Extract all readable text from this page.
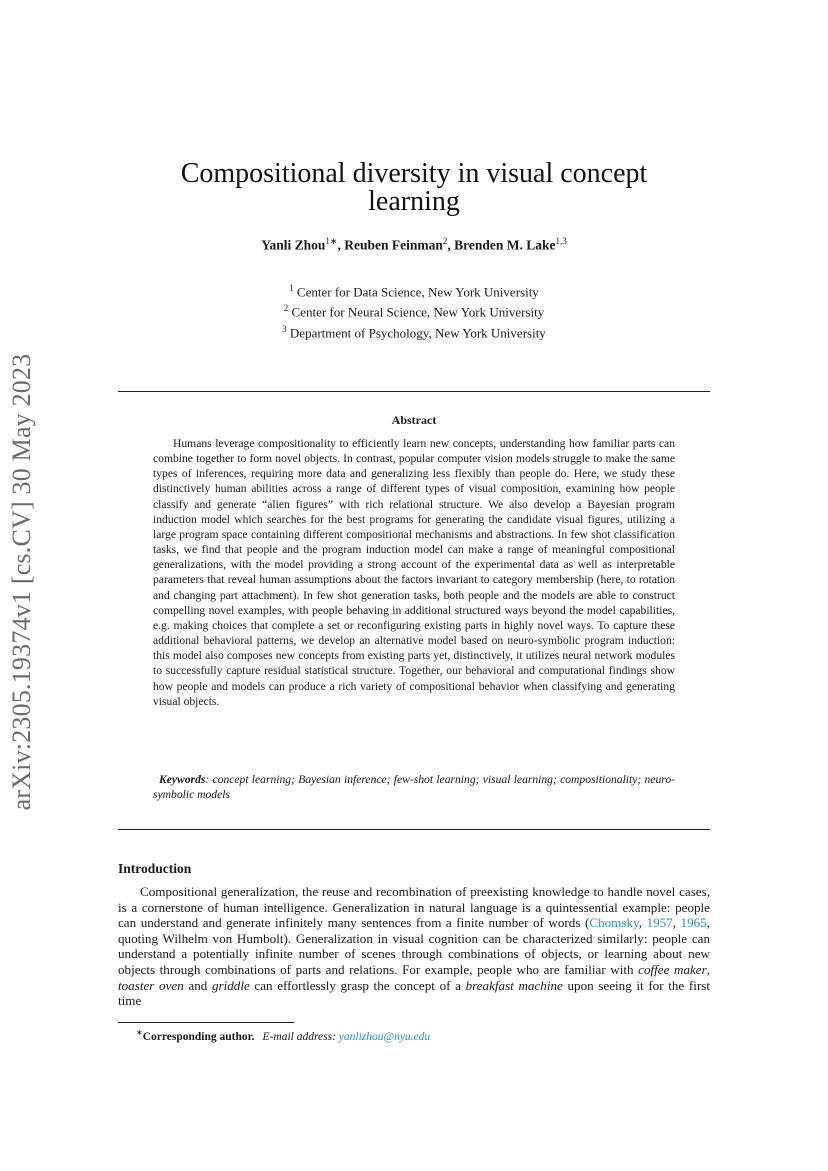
arXiv:2305.19374v1 [cs.CV] 30 May 2023
Compositional diversity in visual concept
learning

Yanli Zhou$^{1∗}$, Reuben Feinman$^2$, Brenden M. Lake$^{1,3}$

$^1$ Center for Data Science, New York University
$^2$ Center for Neural Science, New York University
$^3$ Department of Psychology, New York University

Abstract

Humans leverage compositionality to efficiently learn new concepts, understanding how familiar parts can combine together to form novel objects. In contrast, popular computer vision models struggle to make the same types of inferences, requiring more data and generalizing less flexibly than people do. Here, we study these distinctively human abilities across a range of different types of visual composition, examining how people classify and generate “alien figures” with rich relational structure. We also develop a Bayesian program induction model which searches for the best programs for generating the candidate visual figures, utilizing a large program space containing different compositional mechanisms and abstractions. In few shot classification tasks, we find that people and the program induction model can make a range of meaningful compositional generalizations, with the model providing a strong account of the experimental data as well as interpretable parameters that reveal human assumptions about the factors invariant to category membership (here, to rotation and changing part attachment). In few shot generation tasks, both people and the models are able to construct compelling novel examples, with people behaving in additional structured ways beyond the model capabilities, e.g. making choices that complete a set or reconfiguring existing parts in highly novel ways. To capture these additional behavioral patterns, we develop an alternative model based on neuro-symbolic program induction: this model also composes new concepts from existing parts yet, distinctively, it utilizes neural network modules to successfully capture residual statistical structure. Together, our behavioral and computational findings show how people and models can produce a rich variety of compositional behavior when classifying and generating visual objects.

Keywords: concept learning; Bayesian inference; few-shot learning; visual learning; compositionality; neuro-symbolic models

Introduction

Compositional generalization, the reuse and recombination of preexisting knowledge to handle novel cases, is a cornerstone of human intelligence. Generalization in natural language is a quintessential example: people can understand and generate infinitely many sentences from a finite number of words (Chomsky, 1957, 1965, quoting Wilhelm von Humbolt). Generalization in visual cognition can be characterized similarly: people can understand a potentially infinite number of scenes through combinations of objects, or learning about new objects through combinations of parts and relations. For example, people who are familiar with coffee maker, toaster oven and griddle can effortlessly grasp the concept of a breakfast machine upon seeing it for the first time

∗Corresponding author. E-mail address: yanlizhou@nyu.edu
